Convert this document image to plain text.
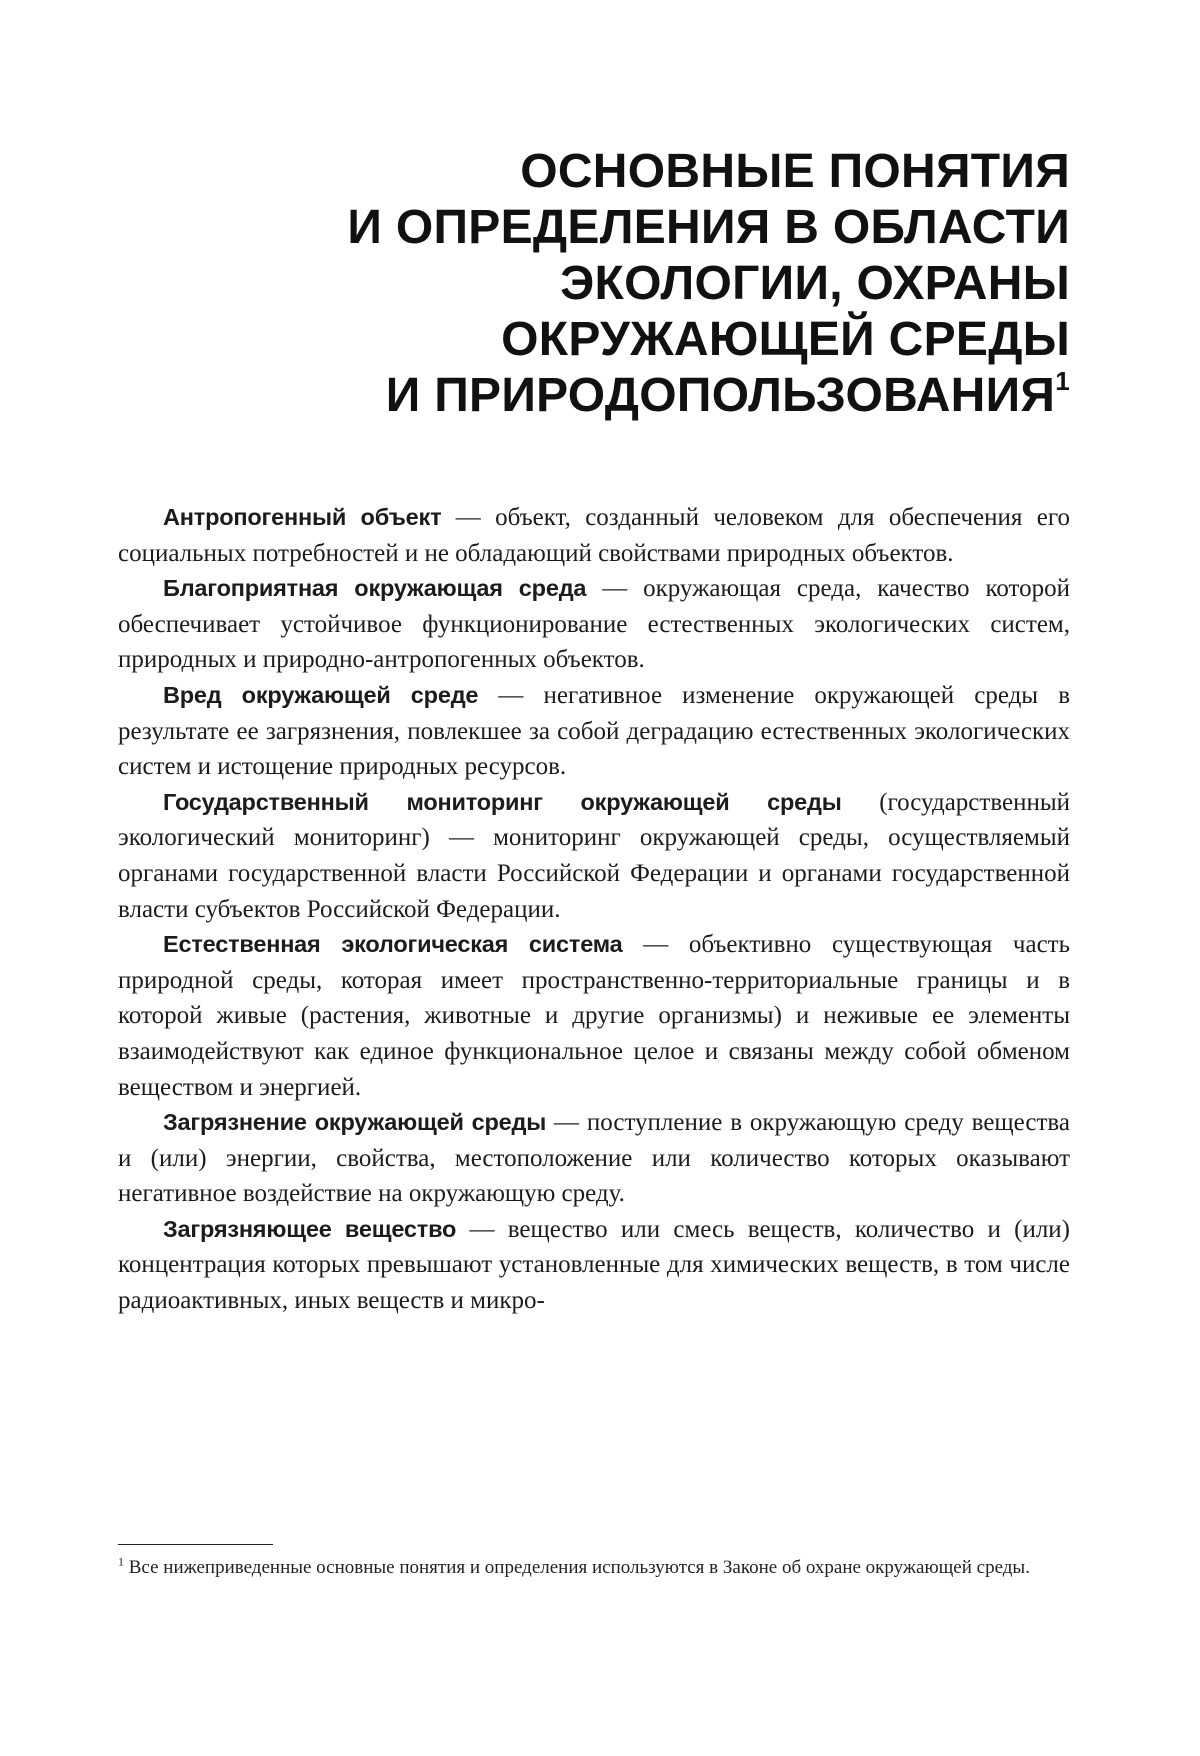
ОСНОВНЫЕ ПОНЯТИЯ
И ОПРЕДЕЛЕНИЯ В ОБЛАСТИ
ЭКОЛОГИИ, ОХРАНЫ
ОКРУЖАЮЩЕЙ СРЕДЫ
И ПРИРОДОПОЛЬЗОВАНИЯ$^1$

Антропогенный объект — объект, созданный человеком для обеспечения его социальных потребностей и не обладающий свойствами природных объектов.

Благоприятная окружающая среда — окружающая среда, качество которой обеспечивает устойчивое функционирование естественных экологических систем, природных и природно-антропогенных объектов.

Вред окружающей среде — негативное изменение окружающей среды в результате ее загрязнения, повлекшее за собой деградацию естественных экологических систем и истощение природных ресурсов.

Государственный мониторинг окружающей среды (государственный экологический мониторинг) — мониторинг окружающей среды, осуществляемый органами государственной власти Российской Федерации и органами государственной власти субъектов Российской Федерации.

Естественная экологическая система — объективно существующая часть природной среды, которая имеет пространственно-территориальные границы и в которой живые (растения, животные и другие организмы) и неживые ее элементы взаимодействуют как единое функциональное целое и связаны между собой обменом веществом и энергией.

Загрязнение окружающей среды — поступление в окружающую среду вещества и (или) энергии, свойства, местоположение или количество которых оказывают негативное воздействие на окружающую среду.

Загрязняющее вещество — вещество или смесь веществ, количество и (или) концентрация которых превышают установленные для химических веществ, в том числе радиоактивных, иных веществ и микро-

$^1$ Все нижеприведенные основные понятия и определения используются в Законе об охране окружающей среды.
